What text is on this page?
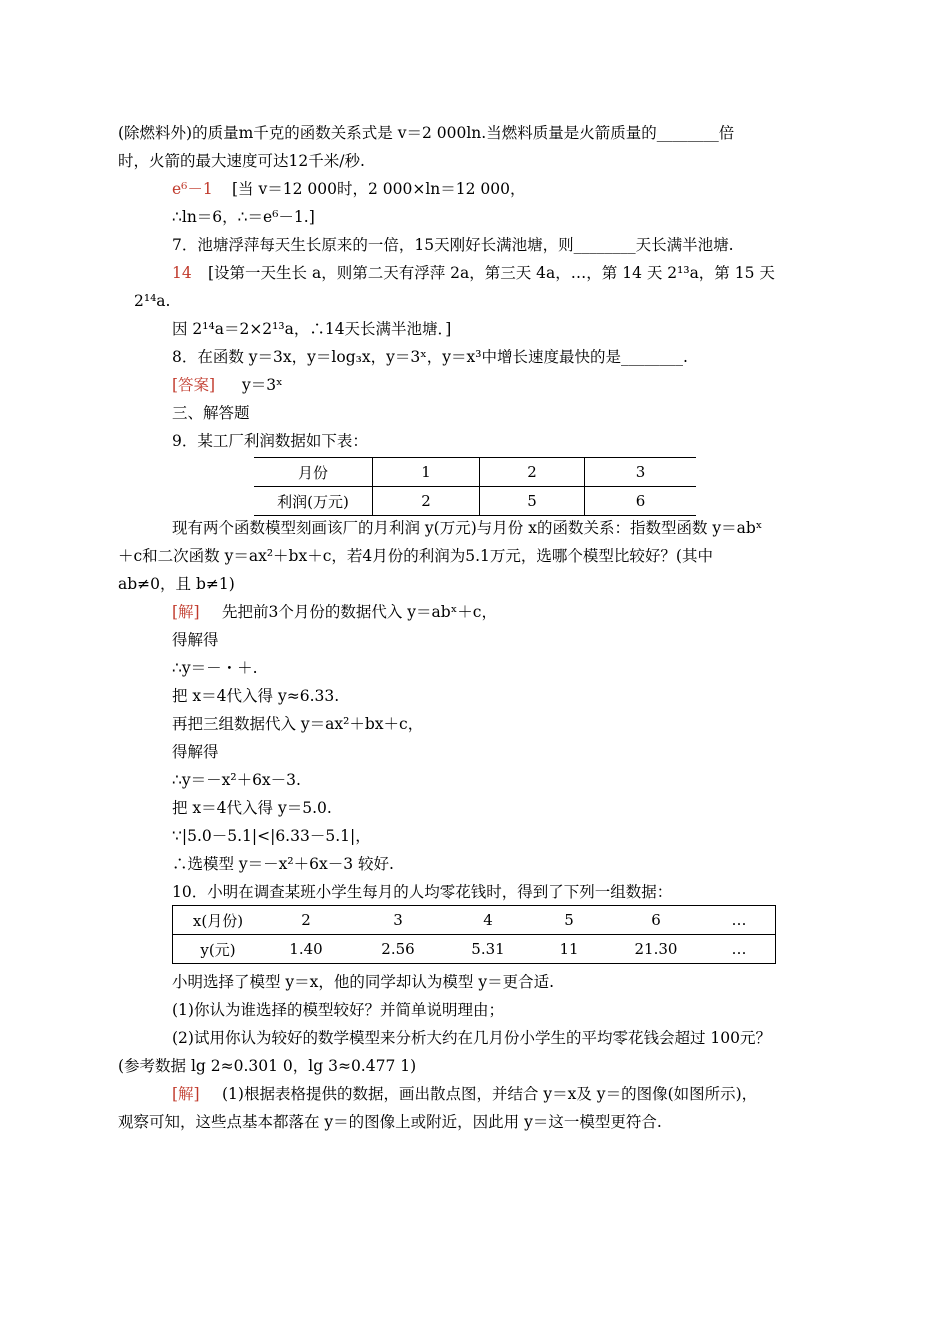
(除燃料外)的质量m千克的函数关系式是 v＝2 000ln.当燃料质量是火箭质量的________倍
时，火箭的最大速度可达12千米/秒.
e⁶－1 [当 v＝12 000时，2 000×ln＝12 000，
∴ln＝6，∴＝e⁶－1.]
7．池塘浮萍每天生长原来的一倍，15天刚好长满池塘，则________天长满半池塘.
14 [设第一天生长 a，则第二天有浮萍 2a，第三天 4a，…，第 14 天 2¹³a，第 15 天
2¹⁴a.
因 2¹⁴a＝2×2¹³a，∴14天长满半池塘．]
8．在函数 y＝3x，y＝log₃x，y＝3ˣ，y＝x³中增长速度最快的是________.
[答案] y＝3ˣ
三、解答题
9．某工厂利润数据如下表：
月份	1	2	3
利润(万元)	2	5	6
现有两个函数模型刻画该厂的月利润 y(万元)与月份 x的函数关系：指数型函数 y＝abˣ
＋c和二次函数 y＝ax²＋bx＋c，若4月份的利润为5.1万元，选哪个模型比较好？(其中
ab≠0，且 b≠1)
[解] 先把前3个月份的数据代入 y＝abˣ＋c，
得解得
∴y＝－・＋.
把 x＝4代入得 y≈6.33.
再把三组数据代入 y＝ax²＋bx＋c，
得解得
∴y＝－x²＋6x－3.
把 x＝4代入得 y＝5.0.
∵|5.0－5.1|<|6.33－5.1|，
∴选模型 y＝－x²＋6x－3 较好.
10．小明在调查某班小学生每月的人均零花钱时，得到了下列一组数据：
x(月份)	2	3	4	5	6	…
y(元)	1.40	2.56	5.31	11	21.30	…
小明选择了模型 y＝x，他的同学却认为模型 y＝更合适.
(1)你认为谁选择的模型较好？并简单说明理由；
(2)试用你认为较好的数学模型来分析大约在几月份小学生的平均零花钱会超过 100元？
(参考数据 lg 2≈0.301 0，lg 3≈0.477 1)
[解] (1)根据表格提供的数据，画出散点图，并结合 y＝x及 y＝的图像(如图所示)，
观察可知，这些点基本都落在 y＝的图像上或附近，因此用 y＝这一模型更符合.
